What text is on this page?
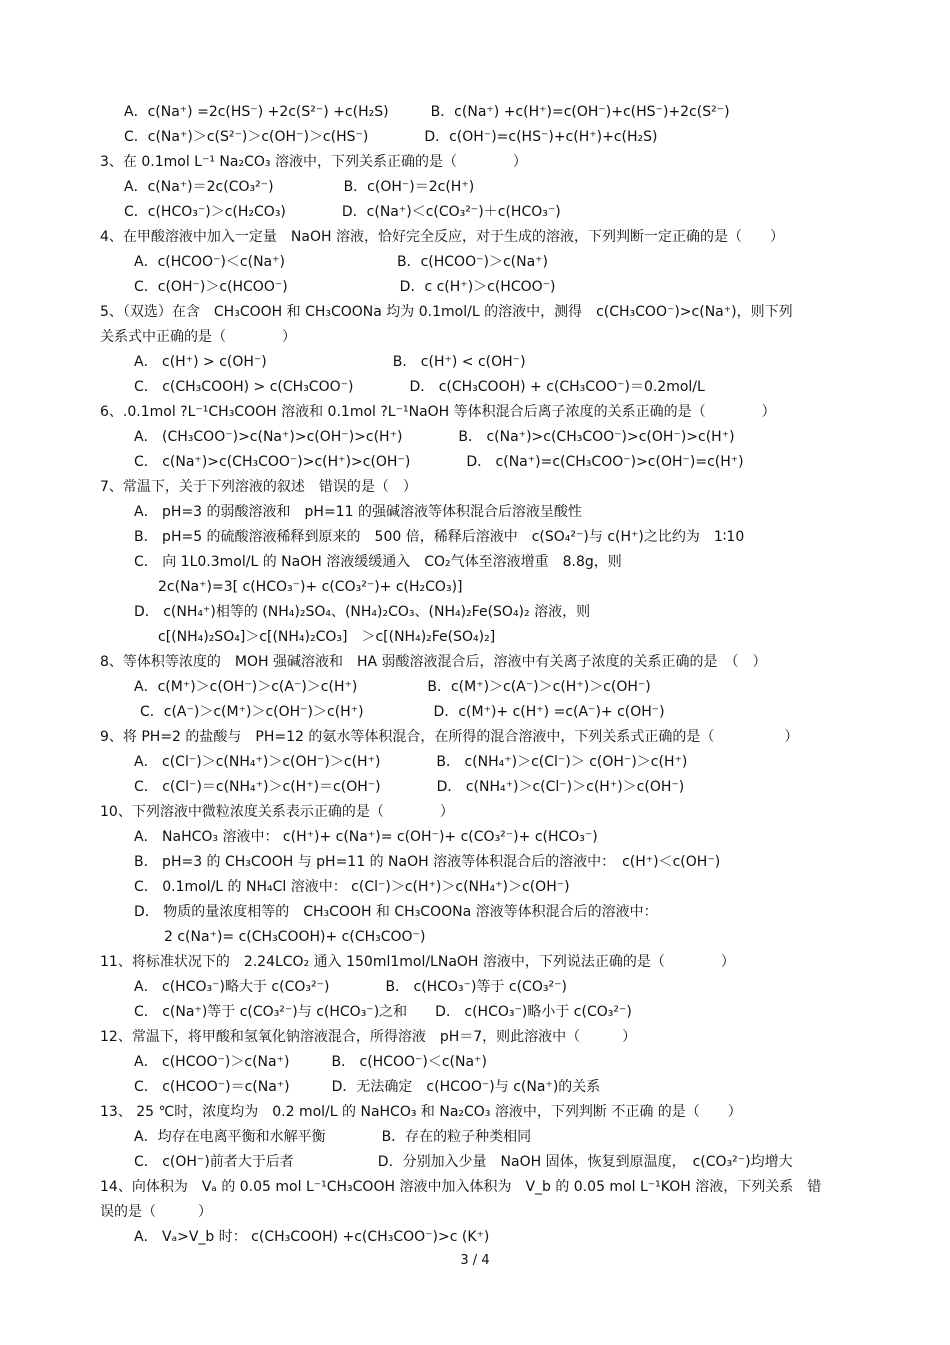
A．c(Na⁺) =2c(HS⁻) +2c(S²⁻) +c(H₂S)　　　B．c(Na⁺) +c(H⁺)=c(OH⁻)+c(HS⁻)+2c(S²⁻)
C．c(Na⁺)＞c(S²⁻)＞c(OH⁻)＞c(HS⁻)　　　　D．c(OH⁻)=c(HS⁻)+c(H⁺)+c(H₂S)
3、在 0.1mol L⁻¹ Na₂CO₃ 溶液中，下列关系正确的是（　　　　）
A．c(Na⁺)＝2c(CO₃²⁻)　　　　　B．c(OH⁻)＝2c(H⁺)
C．c(HCO₃⁻)＞c(H₂CO₃)　　　　D．c(Na⁺)＜c(CO₃²⁻)＋c(HCO₃⁻)
4、在甲酸溶液中加入一定量　NaOH 溶液，恰好完全反应，对于生成的溶液，下列判断一定正确的是（　　）
A．c(HCOO⁻)＜c(Na⁺)　　　　　　　　B．c(HCOO⁻)＞c(Na⁺)
C．c(OH⁻)＞c(HCOO⁻)　　　　　　　　D．c c(H⁺)＞c(HCOO⁻)
5、（双选）在含　CH₃COOH 和 CH₃COONa 均为 0.1mol/L 的溶液中，测得　c(CH₃COO⁻)>c(Na⁺)，则下列
关系式中正确的是（　　　　）
A． c(H⁺) > c(OH⁻)　　　　　　　　　B． c(H⁺) < c(OH⁻)
C． c(CH₃COOH) > c(CH₃COO⁻)　　　　D． c(CH₃COOH) + c(CH₃COO⁻)＝0.2mol/L
6、.0.1mol ?L⁻¹CH₃COOH 溶液和 0.1mol ?L⁻¹NaOH 等体积混合后离子浓度的关系正确的是（　　　　）
A． (CH₃COO⁻)>c(Na⁺)>c(OH⁻)>c(H⁺)　　　　B． c(Na⁺)>c(CH₃COO⁻)>c(OH⁻)>c(H⁺)
C． c(Na⁺)>c(CH₃COO⁻)>c(H⁺)>c(OH⁻)　　　　D． c(Na⁺)=c(CH₃COO⁻)>c(OH⁻)=c(H⁺)
7、常温下，关于下列溶液的叙述　错误的是（　）
A． pH=3 的弱酸溶液和　pH=11 的强碱溶液等体积混合后溶液呈酸性
B． pH=5 的硫酸溶液稀释到原来的　500 倍，稀释后溶液中　c(SO₄²⁻)与 c(H⁺)之比约为　1∶10
C． 向 1L0.3mol/L 的 NaOH 溶液缓缓通入　CO₂气体至溶液增重　8.8g，则
2c(Na⁺)=3[ c(HCO₃⁻)+ c(CO₃²⁻)+ c(H₂CO₃)]
D． c(NH₄⁺)相等的 (NH₄)₂SO₄、(NH₄)₂CO₃、(NH₄)₂Fe(SO₄)₂ 溶液，则
c[(NH₄)₂SO₄]＞c[(NH₄)₂CO₃]　＞c[(NH₄)₂Fe(SO₄)₂]
8、等体积等浓度的　MOH 强碱溶液和　HA 弱酸溶液混合后，溶液中有关离子浓度的关系正确的是　（　）
A．c(M⁺)＞c(OH⁻)＞c(A⁻)＞c(H⁺)　　　　　B．c(M⁺)＞c(A⁻)＞c(H⁺)＞c(OH⁻)
C．c(A⁻)＞c(M⁺)＞c(OH⁻)＞c(H⁺)　　　　　D．c(M⁺)+ c(H⁺) =c(A⁻)+ c(OH⁻)
9、将 PH=2 的盐酸与　PH=12 的氨水等体积混合，在所得的混合溶液中，下列关系式正确的是（　　　　　）
A． c(Cl⁻)＞c(NH₄⁺)＞c(OH⁻)＞c(H⁺)　　　　B． c(NH₄⁺)＞c(Cl⁻)＞ c(OH⁻)＞c(H⁺)
C． c(Cl⁻)＝c(NH₄⁺)＞c(H⁺)＝c(OH⁻)　　　　D． c(NH₄⁺)＞c(Cl⁻)＞c(H⁺)＞c(OH⁻)
10、下列溶液中微粒浓度关系表示正确的是（　　　　）
A． NaHCO₃ 溶液中： c(H⁺)+ c(Na⁺)= c(OH⁻)+ c(CO₃²⁻)+ c(HCO₃⁻)
B． pH=3 的 CH₃COOH 与 pH=11 的 NaOH 溶液等体积混合后的溶液中：　c(H⁺)＜c(OH⁻)
C． 0.1mol/L 的 NH₄Cl 溶液中： c(Cl⁻)＞c(H⁺)＞c(NH₄⁺)＞c(OH⁻)
D． 物质的量浓度相等的　CH₃COOH 和 CH₃COONa 溶液等体积混合后的溶液中：
2 c(Na⁺)= c(CH₃COOH)+ c(CH₃COO⁻)
11、将标准状况下的　2.24LCO₂ 通入 150ml1mol/LNaOH 溶液中，下列说法正确的是（　　　　）
A． c(HCO₃⁻)略大于 c(CO₃²⁻)　　　　B． c(HCO₃⁻)等于 c(CO₃²⁻)
C． c(Na⁺)等于 c(CO₃²⁻)与 c(HCO₃⁻)之和　　D． c(HCO₃⁻)略小于 c(CO₃²⁻)
12、常温下，将甲酸和氢氧化钠溶液混合，所得溶液　pH＝7，则此溶液中（　　　）
A． c(HCOO⁻)＞c(Na⁺)　　　B． c(HCOO⁻)＜c(Na⁺)
C． c(HCOO⁻)＝c(Na⁺)　　　D．无法确定　c(HCOO⁻)与 c(Na⁺)的关系
13、 25 ℃时，浓度均为　0.2 mol/L 的 NaHCO₃ 和 Na₂CO₃ 溶液中，下列判断 不正确 的是（　　）
A．均存在电离平衡和水解平衡　　　　B．存在的粒子种类相同
C． c(OH⁻)前者大于后者　　　　　　D．分别加入少量　NaOH 固体，恢复到原温度，　c(CO₃²⁻)均增大
14、向体积为　Vₐ 的 0.05 mol L⁻¹CH₃COOH 溶液中加入体积为　V_b 的 0.05 mol L⁻¹KOH 溶液，下列关系　错
误的是（　　　）
A． Vₐ>V_b 时： c(CH₃COOH) +c(CH₃COO⁻)>c (K⁺)
3 / 4
